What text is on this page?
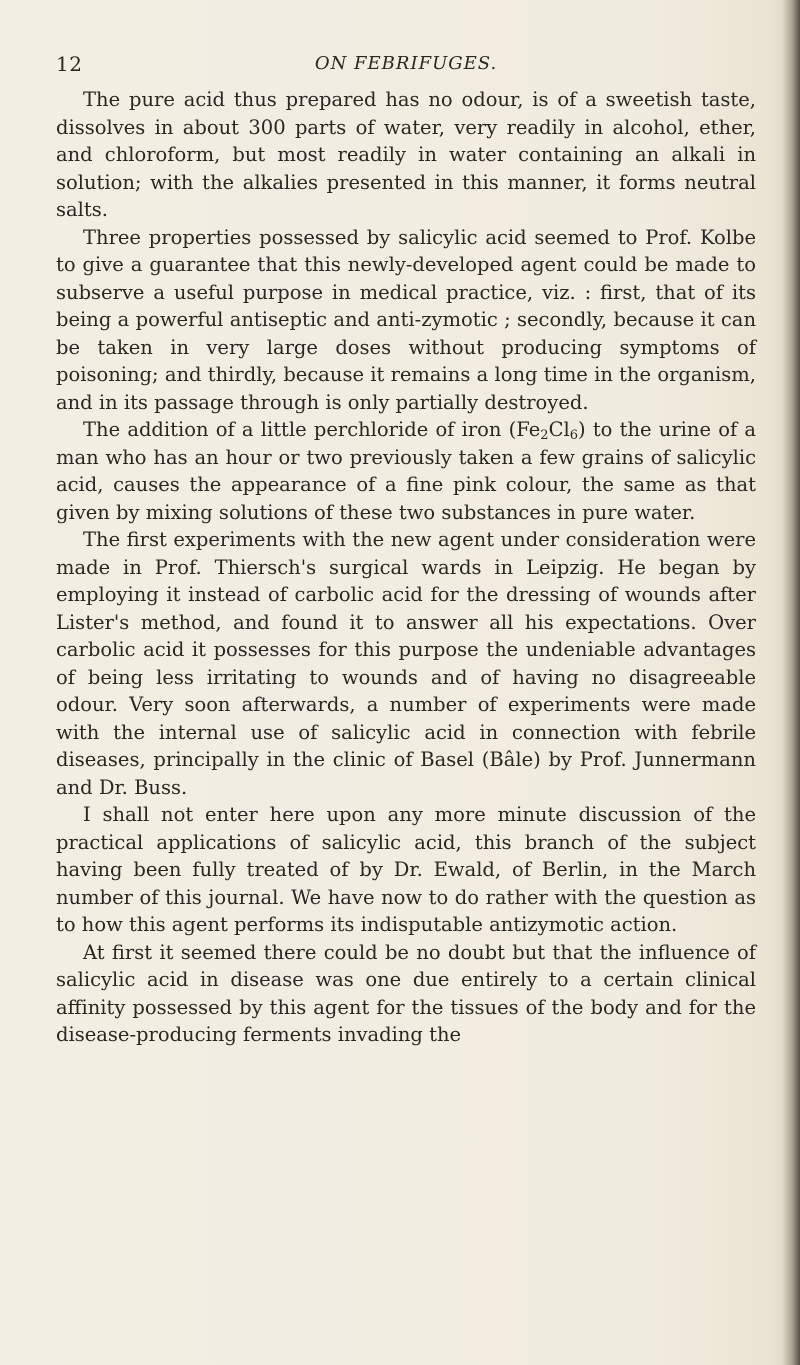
12	ON FEBRIFUGES.

The pure acid thus prepared has no odour, is of a sweetish taste, dissolves in about 300 parts of water, very readily in alcohol, ether, and chloroform, but most readily in water containing an alkali in solution; with the alkalies presented in this manner, it forms neutral salts.

Three properties possessed by salicylic acid seemed to Prof. Kolbe to give a guarantee that this newly-developed agent could be made to subserve a useful purpose in medical practice, viz. : first, that of its being a powerful antiseptic and anti-zymotic ; secondly, because it can be taken in very large doses without producing symptoms of poisoning; and thirdly, because it remains a long time in the organism, and in its passage through is only partially destroyed.

The addition of a little perchloride of iron $(Fe_2Cl_6)$ to the urine of a man who has an hour or two previously taken a few grains of salicylic acid, causes the appearance of a fine pink colour, the same as that given by mixing solutions of these two substances in pure water.

The first experiments with the new agent under consideration were made in Prof. Thiersch's surgical wards in Leipzig. He began by employing it instead of carbolic acid for the dressing of wounds after Lister's method, and found it to answer all his expectations. Over carbolic acid it possesses for this purpose the undeniable advantages of being less irritating to wounds and of having no disagreeable odour. Very soon afterwards, a number of experiments were made with the internal use of salicylic acid in connection with febrile diseases, principally in the clinic of Basel (Bâle) by Prof. Junnermann and Dr. Buss.

I shall not enter here upon any more minute discussion of the practical applications of salicylic acid, this branch of the subject having been fully treated of by Dr. Ewald, of Berlin, in the March number of this journal. We have now to do rather with the question as to how this agent performs its indisputable antizymotic action.

At first it seemed there could be no doubt but that the influence of salicylic acid in disease was one due entirely to a certain clinical affinity possessed by this agent for the tissues of the body and for the disease-producing ferments invading the
